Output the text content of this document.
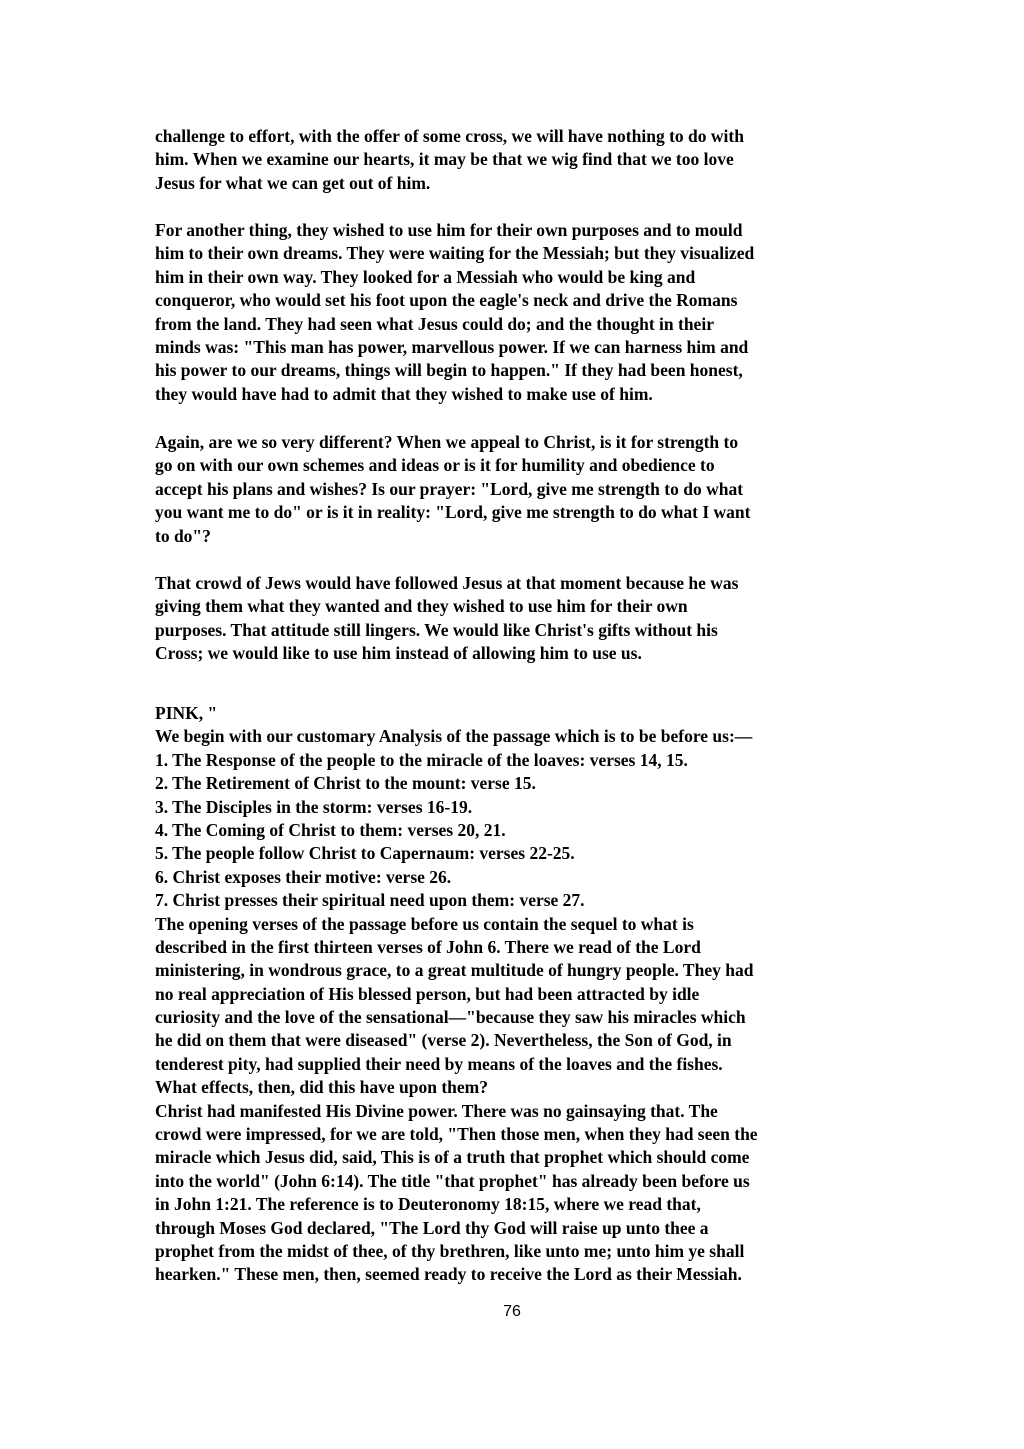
challenge to effort, with the offer of some cross, we will have nothing to do with
him. When we examine our hearts, it may be that we wig find that we too love
Jesus for what we can get out of him.
For another thing, they wished to use him for their own purposes and to mould
him to their own dreams. They were waiting for the Messiah; but they visualized
him in their own way. They looked for a Messiah who would be king and
conqueror, who would set his foot upon the eagle's neck and drive the Romans
from the land. They had seen what Jesus could do; and the thought in their
minds was: "This man has power, marvellous power. If we can harness him and
his power to our dreams, things will begin to happen." If they had been honest,
they would have had to admit that they wished to make use of him.
Again, are we so very different? When we appeal to Christ, is it for strength to
go on with our own schemes and ideas or is it for humility and obedience to
accept his plans and wishes? Is our prayer: "Lord, give me strength to do what
you want me to do" or is it in reality: "Lord, give me strength to do what I want
to do"?
That crowd of Jews would have followed Jesus at that moment because he was
giving them what they wanted and they wished to use him for their own
purposes. That attitude still lingers. We would like Christ's gifts without his
Cross; we would like to use him instead of allowing him to use us.
PINK, "
We begin with our customary Analysis of the passage which is to be before us:—
1. The Response of the people to the miracle of the loaves: verses 14, 15.
2. The Retirement of Christ to the mount: verse 15.
3. The Disciples in the storm: verses 16-19.
4. The Coming of Christ to them: verses 20, 21.
5. The people follow Christ to Capernaum: verses 22-25.
6. Christ exposes their motive: verse 26.
7. Christ presses their spiritual need upon them: verse 27.
The opening verses of the passage before us contain the sequel to what is
described in the first thirteen verses of John 6. There we read of the Lord
ministering, in wondrous grace, to a great multitude of hungry people. They had
no real appreciation of His blessed person, but had been attracted by idle
curiosity and the love of the sensational—"because they saw his miracles which
he did on them that were diseased" (verse 2). Nevertheless, the Son of God, in
tenderest pity, had supplied their need by means of the loaves and the fishes.
What effects, then, did this have upon them?
Christ had manifested His Divine power. There was no gainsaying that. The
crowd were impressed, for we are told, "Then those men, when they had seen the
miracle which Jesus did, said, This is of a truth that prophet which should come
into the world" (John 6:14). The title "that prophet" has already been before us
in John 1:21. The reference is to Deuteronomy 18:15, where we read that,
through Moses God declared, "The Lord thy God will raise up unto thee a
prophet from the midst of thee, of thy brethren, like unto me; unto him ye shall
hearken." These men, then, seemed ready to receive the Lord as their Messiah.
76
